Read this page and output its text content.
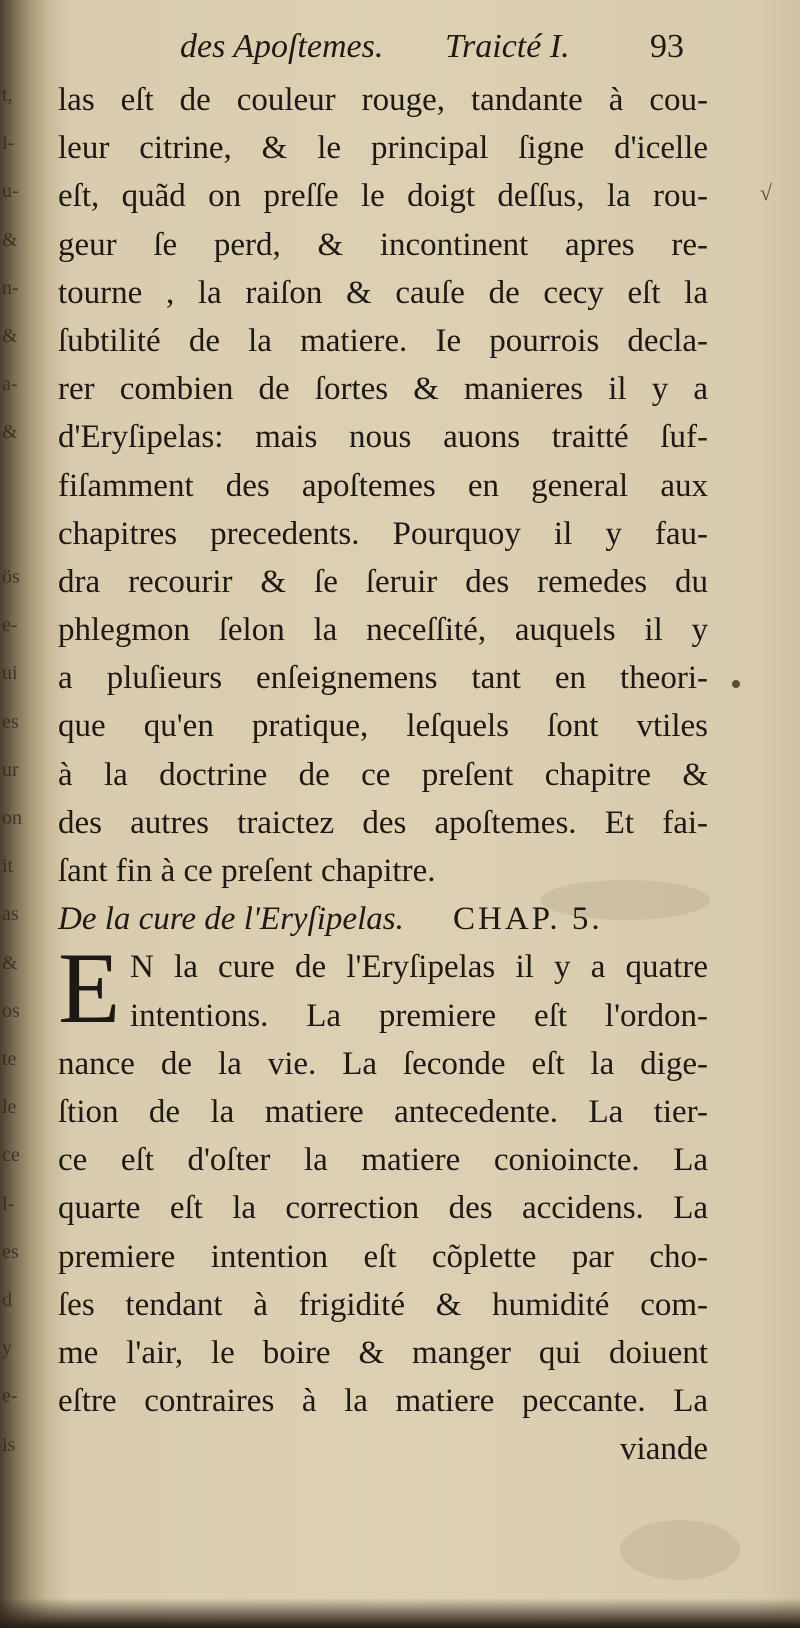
√
t,
i-
u-
&
n-
&
a-
&
ös
e-
ui
es
ur
on
it
as
&
os
te
le
ce
l-
es
d
y
e-
is
des Apoſtemes. Traicté I. 93
las eſt de couleur rouge, tandante à cou-
leur citrine, & le principal ſigne d'icelle
eſt, quãd on preſſe le doigt deſſus, la rou-
geur ſe perd, & incontinent apres re-
tourne , la raiſon & cauſe de cecy eſt la
ſubtilité de la matiere. Ie pourrois decla-
rer combien de ſortes & manieres il y a
d'Eryſipelas: mais nous auons traitté ſuf-
fiſamment des apoſtemes en general aux
chapitres precedents. Pourquoy il y fau-
dra recourir & ſe ſeruir des remedes du
phlegmon ſelon la neceſſité, auquels il y
a pluſieurs enſeignemens tant en theori-
que qu'en pratique, leſquels ſont vtiles
à la doctrine de ce preſent chapitre &
des autres traictez des apoſtemes. Et fai-
ſant fin à ce preſent chapitre.
De la cure de l'Eryſipelas. CHAP. 5.
E N la cure de l'Eryſipelas il y a quatre
intentions. La premiere eſt l'ordon-
nance de la vie. La ſeconde eſt la dige-
ſtion de la matiere antecedente. La tier-
ce eſt d'oſter la matiere conioincte. La
quarte eſt la correction des accidens. La
premiere intention eſt cõplette par cho-
ſes tendant à frigidité & humidité com-
me l'air, le boire & manger qui doiuent
eſtre contraires à la matiere peccante. La
viande
